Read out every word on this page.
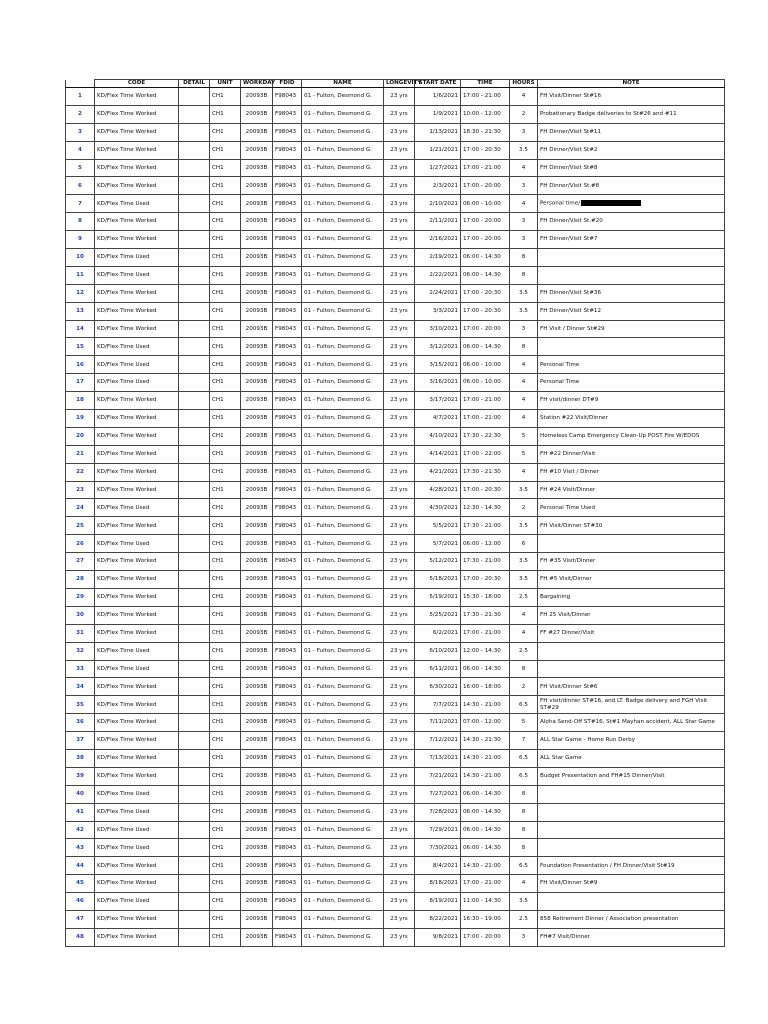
	CODE	DETAIL	UNIT	WORKDAY	FDID	NAME	LONGEVITY	START DATE	TIME	HOURS	NOTE
1	KD/Flex Time Worked		CH1	20093B	F98043	01 - Fulton, Desmond G.	23 yrs	1/6/2021	17:00 - 21:00	4	FH Visit/Dinner St#16
2	KD/Flex Time Worked		CH1	20093B	F98043	01 - Fulton, Desmond G.	23 yrs	1/9/2021	10:00 - 12:00	2	Probationary Badge deliveries to St#26 and #11
3	KD/Flex Time Worked		CH1	20093B	F98043	01 - Fulton, Desmond G.	23 yrs	1/13/2021	18:30 - 21:30	3	FH Dinner/Visit St#11
4	KD/Flex Time Worked		CH1	20093B	F98043	01 - Fulton, Desmond G.	23 yrs	1/21/2021	17:00 - 20:30	3.5	FH Dinner/Visit St#2
5	KD/Flex Time Worked		CH1	20093B	F98043	01 - Fulton, Desmond G.	23 yrs	1/27/2021	17:00 - 21:00	4	FH Dinner/Visit St#8
6	KD/Flex Time Worked		CH1	20093B	F98043	01 - Fulton, Desmond G.	23 yrs	2/3/2021	17:00 - 20:00	3	FH Dinner/Visit St.#8
7	KD/Flex Time Used		CH1	20093B	F98043	01 - Fulton, Desmond G.	23 yrs	2/10/2021	06:00 - 10:00	4	Personal time/
8	KD/Flex Time Worked		CH1	20093B	F98043	01 - Fulton, Desmond G.	23 yrs	2/11/2021	17:00 - 20:00	3	FH Dinner/Visit St.#20
9	KD/Flex Time Worked		CH1	20093B	F98043	01 - Fulton, Desmond G.	23 yrs	2/16/2021	17:00 - 20:00	3	FH Dinner/Visit St#7
10	KD/Flex Time Used		CH1	20093B	F98043	01 - Fulton, Desmond G.	23 yrs	2/19/2021	06:00 - 14:30	8	
11	KD/Flex Time Used		CH1	20093B	F98043	01 - Fulton, Desmond G.	23 yrs	2/22/2021	06:00 - 14:30	8	
12	KD/Flex Time Worked		CH1	20093B	F98043	01 - Fulton, Desmond G.	23 yrs	2/24/2021	17:00 - 20:30	3.5	FH Dinner/Visit St#36
13	KD/Flex Time Worked		CH1	20093B	F98043	01 - Fulton, Desmond G.	23 yrs	3/3/2021	17:00 - 20:30	3.5	FH Dinner/Visit St#12
14	KD/Flex Time Worked		CH1	20093B	F98043	01 - Fulton, Desmond G.	23 yrs	3/10/2021	17:00 - 20:00	3	FH Visit / Dinner St#29
15	KD/Flex Time Used		CH1	20093B	F98043	01 - Fulton, Desmond G.	23 yrs	3/12/2021	06:00 - 14:30	8	
16	KD/Flex Time Used		CH1	20093B	F98043	01 - Fulton, Desmond G.	23 yrs	3/15/2021	06:00 - 10:00	4	Personal Time
17	KD/Flex Time Used		CH1	20093B	F98043	01 - Fulton, Desmond G.	23 yrs	3/16/2021	06:00 - 10:00	4	Personal Time
18	KD/Flex Time Worked		CH1	20093B	F98043	01 - Fulton, Desmond G.	23 yrs	3/17/2021	17:00 - 21:00	4	FH visit/dinner DT#9
19	KD/Flex Time Worked		CH1	20093B	F98043	01 - Fulton, Desmond G.	23 yrs	4/7/2021	17:00 - 21:00	4	Station #22 Visit/Dinner
20	KD/Flex Time Worked		CH1	20093B	F98043	01 - Fulton, Desmond G.	23 yrs	4/10/2021	17:30 - 22:30	5	Homeless Camp Emergency Clean-Up POST Fire W/EDOS
21	KD/Flex Time Worked		CH1	20093B	F98043	01 - Fulton, Desmond G.	23 yrs	4/14/2021	17:00 - 22:00	5	FH #22 Dinner/Visit
22	KD/Flex Time Worked		CH1	20093B	F98043	01 - Fulton, Desmond G.	23 yrs	4/21/2021	17:30 - 21:30	4	FH #10 Visit / Dinner
23	KD/Flex Time Worked		CH1	20093B	F98043	01 - Fulton, Desmond G.	23 yrs	4/28/2021	17:00 - 20:30	3.5	FH #24 Visit/Dinner
24	KD/Flex Time Used		CH1	20093B	F98043	01 - Fulton, Desmond G.	23 yrs	4/30/2021	12:30 - 14:30	2	Personal Time Used
25	KD/Flex Time Worked		CH1	20093B	F98043	01 - Fulton, Desmond G.	23 yrs	5/5/2021	17:30 - 21:00	3.5	FH Visit/Dinner ST#30
26	KD/Flex Time Used		CH1	20093B	F98043	01 - Fulton, Desmond G.	23 yrs	5/7/2021	06:00 - 12:00	6	
27	KD/Flex Time Worked		CH1	20093B	F98043	01 - Fulton, Desmond G.	23 yrs	5/12/2021	17:30 - 21:00	3.5	FH #35 Visit/Dinner
28	KD/Flex Time Worked		CH1	20093B	F98043	01 - Fulton, Desmond G.	23 yrs	5/18/2021	17:00 - 20:30	3.5	FH #5 Visit/Dinner
29	KD/Flex Time Worked		CH1	20093B	F98043	01 - Fulton, Desmond G.	23 yrs	5/19/2021	15:30 - 18:00	2.5	Bargaining
30	KD/Flex Time Worked		CH1	20093B	F98043	01 - Fulton, Desmond G.	23 yrs	5/25/2021	17:30 - 21:30	4	FH 25 Visit/Dinner
31	KD/Flex Time Worked		CH1	20093B	F98043	01 - Fulton, Desmond G.	23 yrs	6/2/2021	17:00 - 21:00	4	FF #27 Dinner/Visit
32	KD/Flex Time Used		CH1	20093B	F98043	01 - Fulton, Desmond G.	23 yrs	6/10/2021	12:00 - 14:30	2.5	
33	KD/Flex Time Used		CH1	20093B	F98043	01 - Fulton, Desmond G.	23 yrs	6/11/2021	06:00 - 14:30	8	
34	KD/Flex Time Worked		CH1	20093B	F98043	01 - Fulton, Desmond G.	23 yrs	6/30/2021	16:00 - 18:00	2	FH Visit/Dinner St#6
35	KD/Flex Time Worked		CH1	20093B	F98043	01 - Fulton, Desmond G.	23 yrs	7/7/2021	14:30 - 21:00	6.5	FH visit/dinner ST#16, and LT. Badge delivery and FGH Visit ST#29
36	KD/Flex Time Worked		CH1	20093B	F98043	01 - Fulton, Desmond G.	23 yrs	7/11/2021	07:00 - 12:00	5	Aloha Send-Off ST#16, St#1 Mayhan accident, ALL Star Game
37	KD/Flex Time Worked		CH1	20093B	F98043	01 - Fulton, Desmond G.	23 yrs	7/12/2021	14:30 - 21:30	7	ALL Star Game - Home Run Derby
38	KD/Flex Time Worked		CH1	20093B	F98043	01 - Fulton, Desmond G.	23 yrs	7/13/2021	14:30 - 21:00	6.5	ALL Star Game
39	KD/Flex Time Worked		CH1	20093B	F98043	01 - Fulton, Desmond G.	23 yrs	7/21/2021	14:30 - 21:00	6.5	Budget Presentation and FH#15 Dinner/Visit
40	KD/Flex Time Used		CH1	20093B	F98043	01 - Fulton, Desmond G.	23 yrs	7/27/2021	06:00 - 14:30	8	
41	KD/Flex Time Used		CH1	20093B	F98043	01 - Fulton, Desmond G.	23 yrs	7/28/2021	06:00 - 14:30	8	
42	KD/Flex Time Used		CH1	20093B	F98043	01 - Fulton, Desmond G.	23 yrs	7/29/2021	06:00 - 14:30	8	
43	KD/Flex Time Used		CH1	20093B	F98043	01 - Fulton, Desmond G.	23 yrs	7/30/2021	06:00 - 14:30	8	
44	KD/Flex Time Worked		CH1	20093B	F98043	01 - Fulton, Desmond G.	23 yrs	8/4/2021	14:30 - 21:00	6.5	Foundation Presentation / FH Dinner/Visit St#19
45	KD/Flex Time Worked		CH1	20093B	F98043	01 - Fulton, Desmond G.	23 yrs	8/18/2021	17:00 - 21:00	4	FH Visit/Dinner St#9
46	KD/Flex Time Used		CH1	20093B	F98043	01 - Fulton, Desmond G.	23 yrs	8/19/2021	11:00 - 14:30	3.5	
47	KD/Flex Time Worked		CH1	20093B	F98043	01 - Fulton, Desmond G.	23 yrs	8/22/2021	16:30 - 19:00	2.5	858 Retirement Dinner / Association presentation
48	KD/Flex Time Worked		CH1	20093B	F98043	01 - Fulton, Desmond G.	23 yrs	9/8/2021	17:00 - 20:00	3	FH#7 Visit/Dinner
